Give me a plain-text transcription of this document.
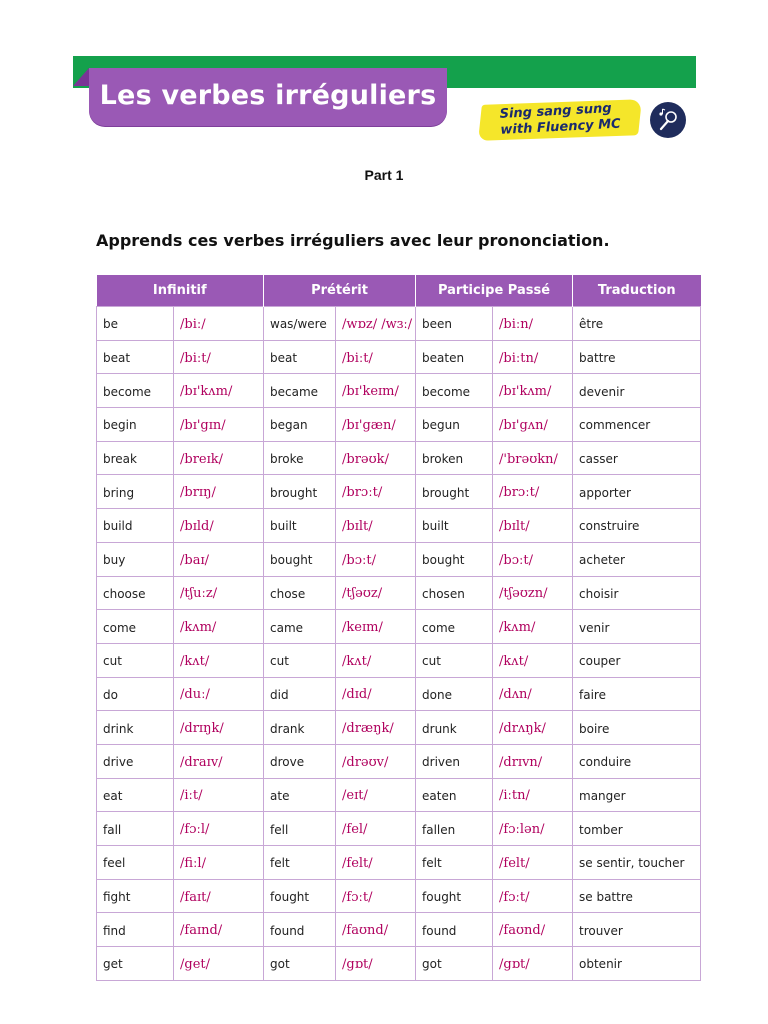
Les verbes irréguliers
Sing sang sung
with Fluency MC
Part 1
Apprends ces verbes irréguliers avec leur prononciation.
Infinitif		Prétérit		Participe Passé		Traduction
be	/biː/	was/were	/wɒz/ /wɜː/	been	/biːn/	être
beat	/biːt/	beat	/biːt/	beaten	/biːtn/	battre
become	/bɪ'kʌm/	became	/bɪ'keɪm/	become	/bɪ'kʌm/	devenir
begin	/bɪ'gɪn/	began	/bɪ'gæn/	begun	/bɪ'gʌn/	commencer
break	/breɪk/	broke	/brəʊk/	broken	/'brəʊkn/	casser
bring	/brɪŋ/	brought	/brɔːt/	brought	/brɔːt/	apporter
build	/bɪld/	built	/bɪlt/	built	/bɪlt/	construire
buy	/baɪ/	bought	/bɔːt/	bought	/bɔːt/	acheter
choose	/tʃuːz/	chose	/tʃəʊz/	chosen	/tʃəʊzn/	choisir
come	/kʌm/	came	/keɪm/	come	/kʌm/	venir
cut	/kʌt/	cut	/kʌt/	cut	/kʌt/	couper
do	/duː/	did	/dɪd/	done	/dʌn/	faire
drink	/drɪŋk/	drank	/dræŋk/	drunk	/drʌŋk/	boire
drive	/draɪv/	drove	/drəʊv/	driven	/drɪvn/	conduire
eat	/iːt/	ate	/eɪt/	eaten	/iːtn/	manger
fall	/fɔːl/	fell	/fel/	fallen	/fɔːlən/	tomber
feel	/fiːl/	felt	/felt/	felt	/felt/	se sentir, toucher
fight	/faɪt/	fought	/fɔːt/	fought	/fɔːt/	se battre
find	/faɪnd/	found	/faʊnd/	found	/faʊnd/	trouver
get	/get/	got	/gɒt/	got	/gɒt/	obtenir
